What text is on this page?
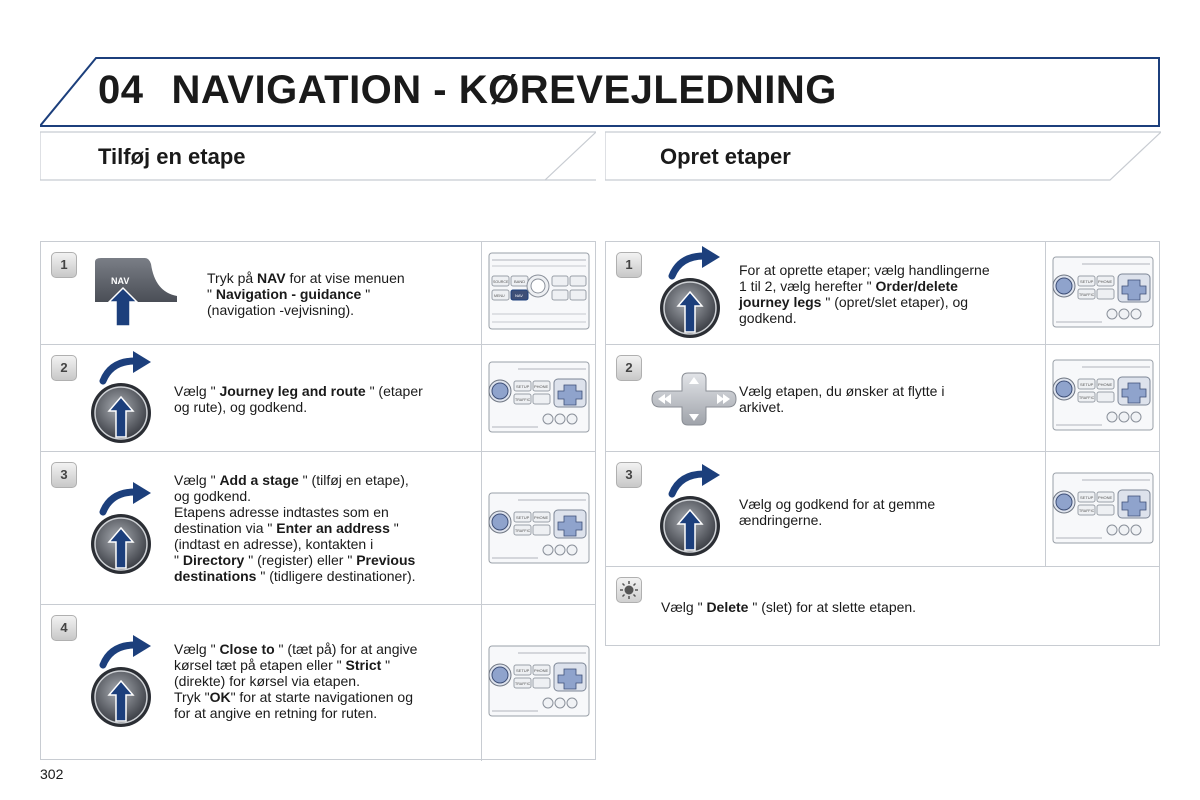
04 NAVIGATION - KØREVEJLEDNING
Tilføj en etape	Opret etaper
1
NAV	Tryk på NAV for at vise menuen
" Navigation - guidance "
(navigation -vejvisning).
SOURCE BAND
MENU	NAV
2
Vælg " Journey leg and route " (etaper
og rute), og godkend.
SETUP PHONE
TRAFFIC
3	Vælg " Add a stage " (tilføj en etape),
og godkend.
Etapens adresse indtastes som en
destination via " Enter an address "
(indtast en adresse), kontakten i
" Directory " (register) eller " Previous
destinations " (tidligere destinationer).
SETUP PHONE
TRAFFIC
4
Vælg " Close to " (tæt på) for at angive
kørsel tæt på etapen eller " Strict "
(direkte) for kørsel via etapen.
Tryk "OK" for at starte navigationen og
for at angive en retning for ruten.
SETUP PHONE
TRAFFIC
1	For at oprette etaper; vælg handlingerne
1 til 2, vælg herefter " Order/delete
journey legs " (opret/slet etaper), og
godkend.
SETUP PHONE
TRAFFIC
2
Vælg etapen, du ønsker at flytte i
arkivet.
SETUP PHONE
TRAFFIC
3
Vælg og godkend for at gemme
ændringerne.
SETUP PHONE
TRAFFIC
Vælg " Delete " (slet) for at slette etapen.
302
